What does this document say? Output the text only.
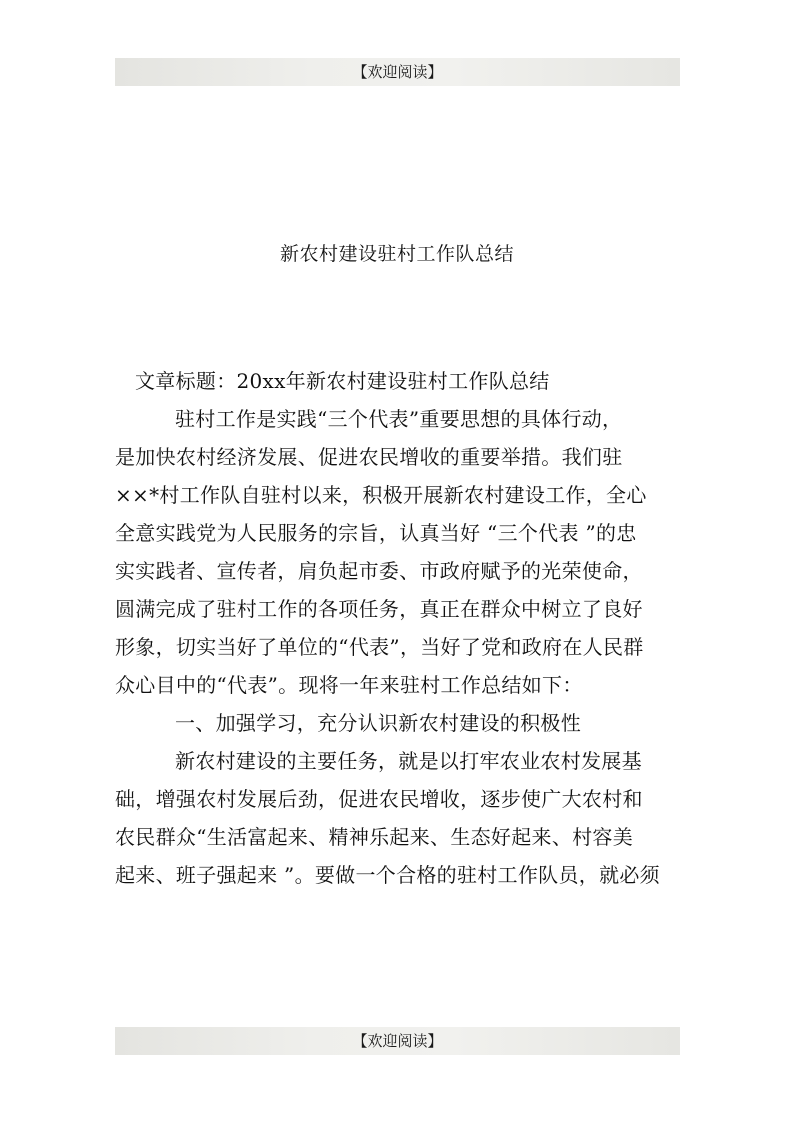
【欢迎阅读】
新农村建设驻村工作队总结
文章标题：20xx年新农村建设驻村工作队总结
驻村工作是实践“三个代表”重要思想的具体行动，
是加快农村经济发展、促进农民增收的重要举措。我们驻
××*村工作队自驻村以来，积极开展新农村建设工作，全心
全意实践党为人民服务的宗旨，认真当好 “三个代表 ”的忠
实实践者、宣传者，肩负起市委、市政府赋予的光荣使命，
圆满完成了驻村工作的各项任务，真正在群众中树立了良好
形象，切实当好了单位的“代表”，当好了党和政府在人民群
众心目中的“代表”。现将一年来驻村工作总结如下：
一、加强学习，充分认识新农村建设的积极性
新农村建设的主要任务，就是以打牢农业农村发展基
础，增强农村发展后劲，促进农民增收，逐步使广大农村和
农民群众“生活富起来、精神乐起来、生态好起来、村容美
起来、班子强起来 ”。要做一个合格的驻村工作队员，就必须
【欢迎阅读】
